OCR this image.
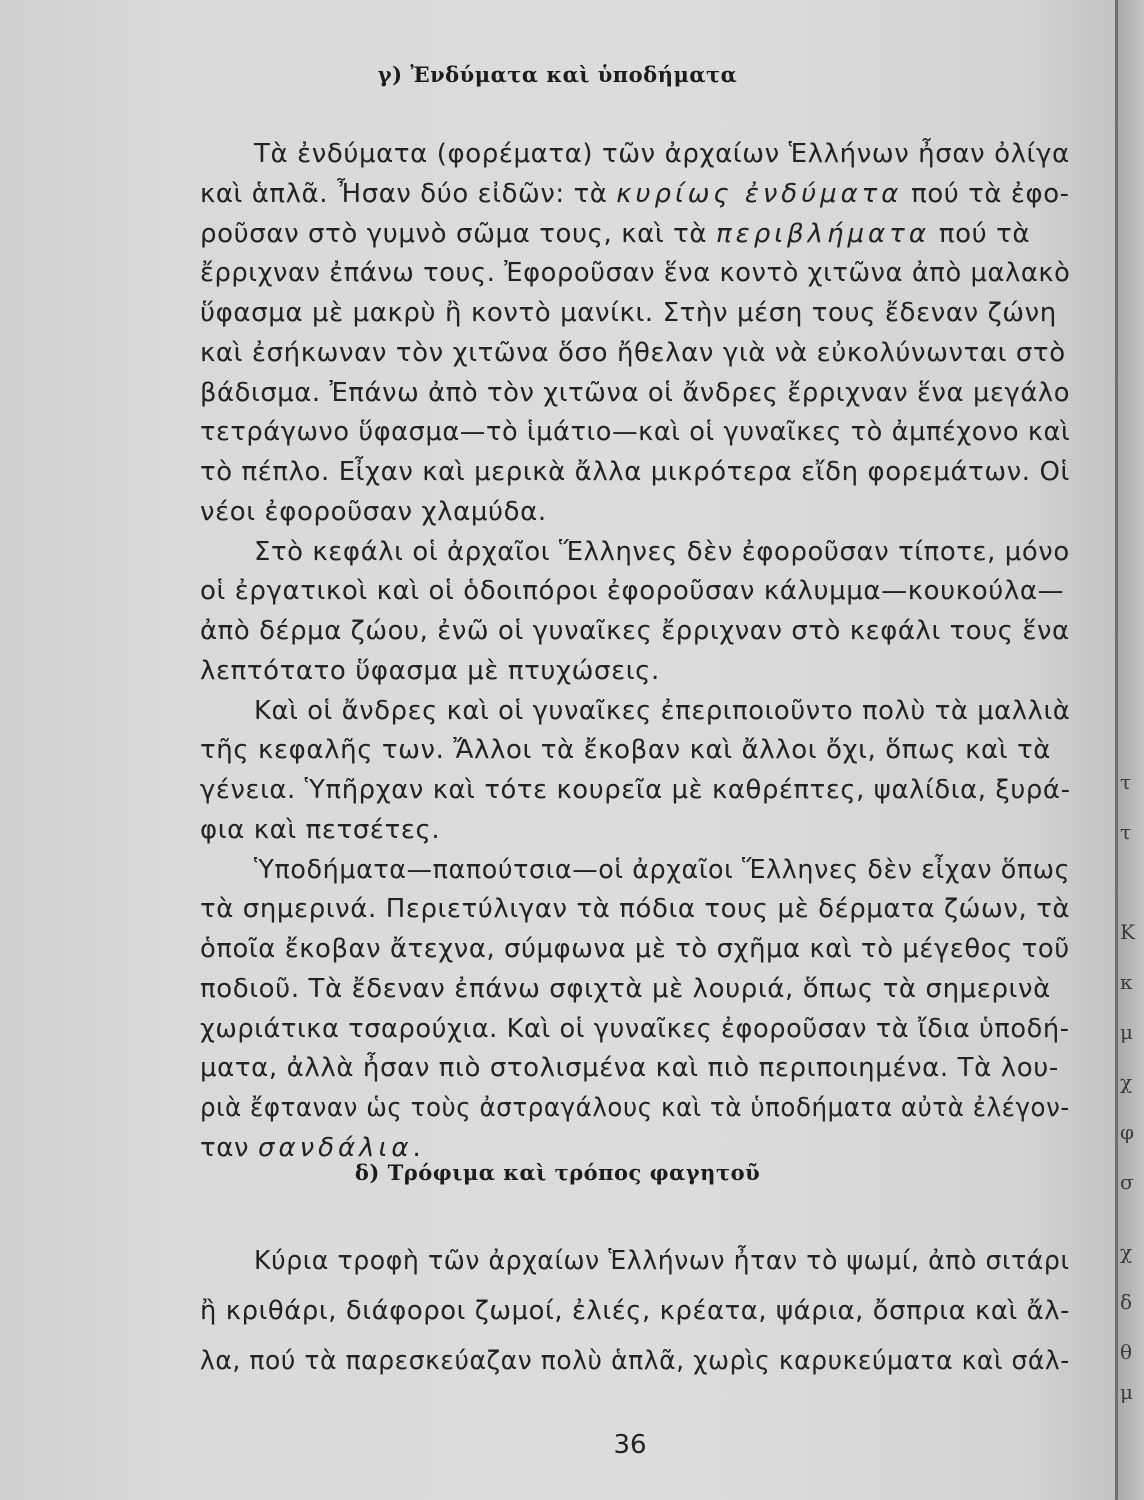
γ) Ἐνδύματα καὶ ὑποδήματα
Τὰ ἐνδύματα (φορέματα) τῶν ἀρχαίων Ἑλλήνων ἦσαν ὀλίγα
καὶ ἁπλᾶ. Ἦσαν δύο εἰδῶν: τὰ κυρίως ἐνδύματα πού τὰ ἐφο-
ροῦσαν στὸ γυμνὸ σῶμα τους, καὶ τὰ περιβλήματα πού τὰ
ἔρριχναν ἐπάνω τους. Ἐφοροῦσαν ἕνα κοντὸ χιτῶνα ἀπὸ μαλακὸ
ὕφασμα μὲ μακρὺ ἢ κοντὸ μανίκι. Στὴν μέση τους ἔδεναν ζώνη
καὶ ἐσήκωναν τὸν χιτῶνα ὅσο ἤθελαν γιὰ νὰ εὐκολύνωνται στὸ
βάδισμα. Ἐπάνω ἀπὸ τὸν χιτῶνα οἱ ἄνδρες ἔρριχναν ἕνα μεγάλο
τετράγωνο ὕφασμα—τὸ ἱμάτιο—καὶ οἱ γυναῖκες τὸ ἀμπέχονο καὶ
τὸ πέπλο. Εἶχαν καὶ μερικὰ ἄλλα μικρότερα εἴδη φορεμάτων. Οἱ
νέοι ἐφοροῦσαν χλαμύδα.
Στὸ κεφάλι οἱ ἀρχαῖοι Ἕλληνες δὲν ἐφοροῦσαν τίποτε, μόνο
οἱ ἐργατικοὶ καὶ οἱ ὁδοιπόροι ἐφοροῦσαν κάλυμμα—κουκούλα—
ἀπὸ δέρμα ζώου, ἐνῶ οἱ γυναῖκες ἔρριχναν στὸ κεφάλι τους ἕνα
λεπτότατο ὕφασμα μὲ πτυχώσεις.
Καὶ οἱ ἄνδρες καὶ οἱ γυναῖκες ἐπεριποιοῦντο πολὺ τὰ μαλλιὰ
τῆς κεφαλῆς των. Ἄλλοι τὰ ἔκοβαν καὶ ἄλλοι ὄχι, ὅπως καὶ τὰ
γένεια. Ὑπῆρχαν καὶ τότε κουρεῖα μὲ καθρέπτες, ψαλίδια, ξυρά-
φια καὶ πετσέτες.
Ὑποδήματα—παπούτσια—οἱ ἀρχαῖοι Ἕλληνες δὲν εἶχαν ὅπως
τὰ σημερινά. Περιετύλιγαν τὰ πόδια τους μὲ δέρματα ζώων, τὰ
ὁποῖα ἔκοβαν ἄτεχνα, σύμφωνα μὲ τὸ σχῆμα καὶ τὸ μέγεθος τοῦ
ποδιοῦ. Τὰ ἔδεναν ἐπάνω σφιχτὰ μὲ λουριά, ὅπως τὰ σημερινὰ
χωριάτικα τσαρούχια. Καὶ οἱ γυναῖκες ἐφοροῦσαν τὰ ἴδια ὑποδή-
ματα, ἀλλὰ ἦσαν πιὸ στολισμένα καὶ πιὸ περιποιημένα. Τὰ λου-
ριὰ ἔφταναν ὡς τοὺς ἀστραγάλους καὶ τὰ ὑποδήματα αὐτὰ ἐλέγον-
ταν σανδάλια.
Κύρια τροφὴ τῶν ἀρχαίων Ἑλλήνων ἦταν τὸ ψωμί, ἀπὸ σιτάρι
ἢ κριθάρι, διάφοροι ζωμοί, ἐλιές, κρέατα, ψάρια, ὄσπρια καὶ ἄλ-
λα, πού τὰ παρεσκεύαζαν πολὺ ἁπλᾶ, χωρὶς καρυκεύματα καὶ σάλ-
δ) Τρόφιμα καὶ τρόπος φαγητοῦ
36
τ
τ
Κ
κ
μ
χ
φ
σ
χ
δ
θ
μ
